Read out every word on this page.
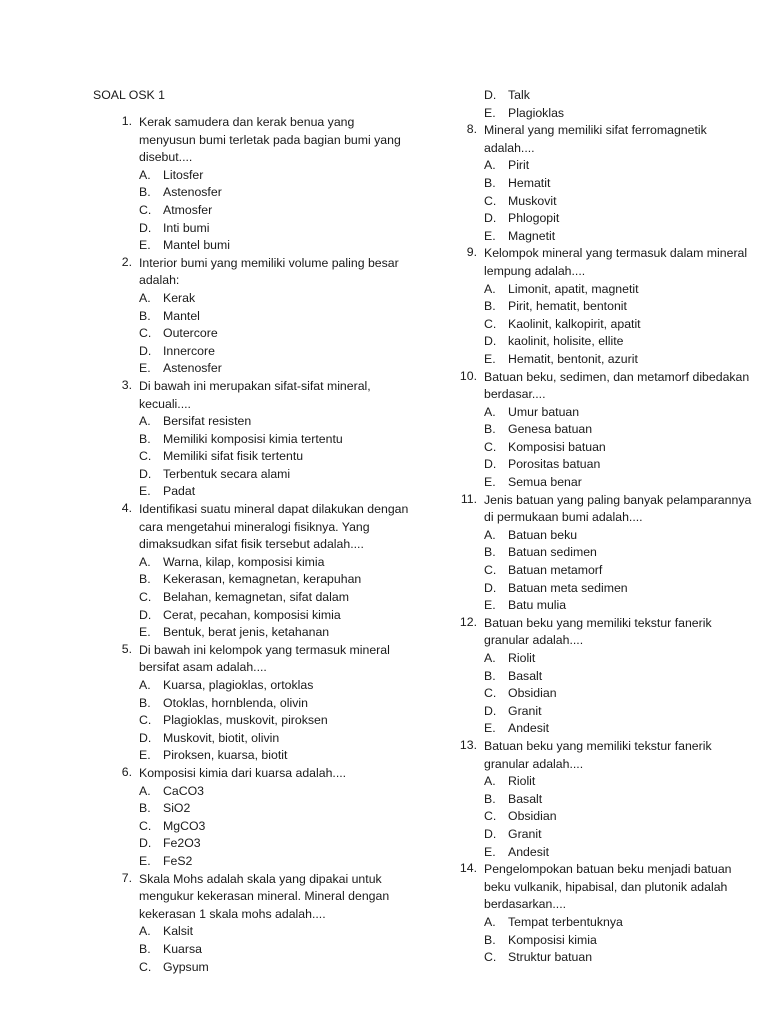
SOAL OSK 1
1. Kerak samudera dan kerak benua yang menyusun bumi terletak pada bagian bumi yang disebut....
A. Litosfer
B. Astenosfer
C. Atmosfer
D. Inti bumi
E. Mantel bumi
2. Interior bumi yang memiliki volume paling besar adalah:
A. Kerak
B. Mantel
C. Outercore
D. Innercore
E. Astenosfer
3. Di bawah ini merupakan sifat-sifat mineral, kecuali....
A. Bersifat resisten
B. Memiliki komposisi kimia tertentu
C. Memiliki sifat fisik tertentu
D. Terbentuk secara alami
E. Padat
4. Identifikasi suatu mineral dapat dilakukan dengan cara mengetahui mineralogi fisiknya. Yang dimaksudkan sifat fisik tersebut adalah....
A. Warna, kilap, komposisi kimia
B. Kekerasan, kemagnetan, kerapuhan
C. Belahan, kemagnetan, sifat dalam
D. Cerat, pecahan, komposisi kimia
E. Bentuk, berat jenis, ketahanan
5. Di bawah ini kelompok yang termasuk mineral bersifat asam adalah....
A. Kuarsa, plagioklas, ortoklas
B. Otoklas, hornblenda, olivin
C. Plagioklas, muskovit, piroksen
D. Muskovit, biotit, olivin
E. Piroksen, kuarsa, biotit
6. Komposisi kimia dari kuarsa adalah....
A. CaCO3
B. SiO2
C. MgCO3
D. Fe2O3
E. FeS2
7. Skala Mohs adalah skala yang dipakai untuk mengukur kekerasan mineral. Mineral dengan kekerasan 1 skala mohs adalah....
A. Kalsit
B. Kuarsa
C. Gypsum
D. Talk
E. Plagioklas
8. Mineral yang memiliki sifat ferromagnetik adalah....
A. Pirit
B. Hematit
C. Muskovit
D. Phlogopit
E. Magnetit
9. Kelompok mineral yang termasuk dalam mineral lempung adalah....
A. Limonit, apatit, magnetit
B. Pirit, hematit, bentonit
C. Kaolinit, kalkopirit, apatit
D. kaolinit, holisite, ellite
E. Hematit, bentonit, azurit
10. Batuan beku, sedimen, dan metamorf dibedakan berdasar....
A. Umur batuan
B. Genesa batuan
C. Komposisi batuan
D. Porositas batuan
E. Semua benar
11. Jenis batuan yang paling banyak pelamparannya di permukaan bumi adalah....
A. Batuan beku
B. Batuan sedimen
C. Batuan metamorf
D. Batuan meta sedimen
E. Batu mulia
12. Batuan beku yang memiliki tekstur fanerik granular adalah....
A. Riolit
B. Basalt
C. Obsidian
D. Granit
E. Andesit
13. Batuan beku yang memiliki tekstur fanerik granular adalah....
A. Riolit
B. Basalt
C. Obsidian
D. Granit
E. Andesit
14. Pengelompokan batuan beku menjadi batuan beku vulkanik, hipabisal, dan plutonik adalah berdasarkan....
A. Tempat terbentuknya
B. Komposisi kimia
C. Struktur batuan
